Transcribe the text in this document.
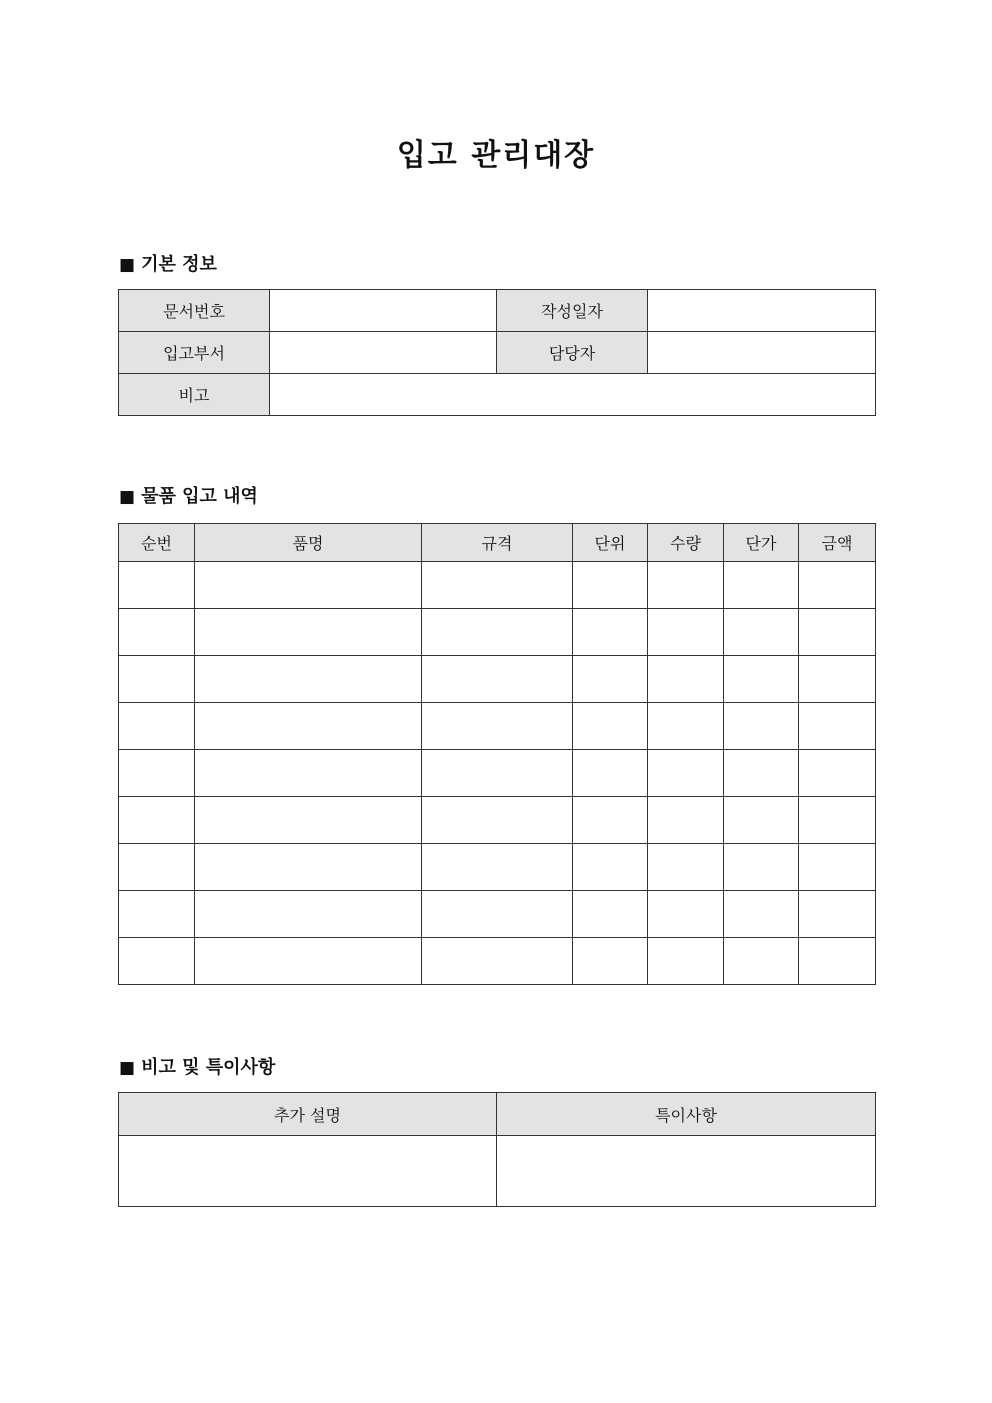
입고 관리대장
■ 기본 정보
문서번호		작성일자	
입고부서		담당자	
비고			
■ 물품 입고 내역
순번	품명	규격	단위	수량	단가	금액

■ 비고 및 특이사항
추가 설명	특이사항
